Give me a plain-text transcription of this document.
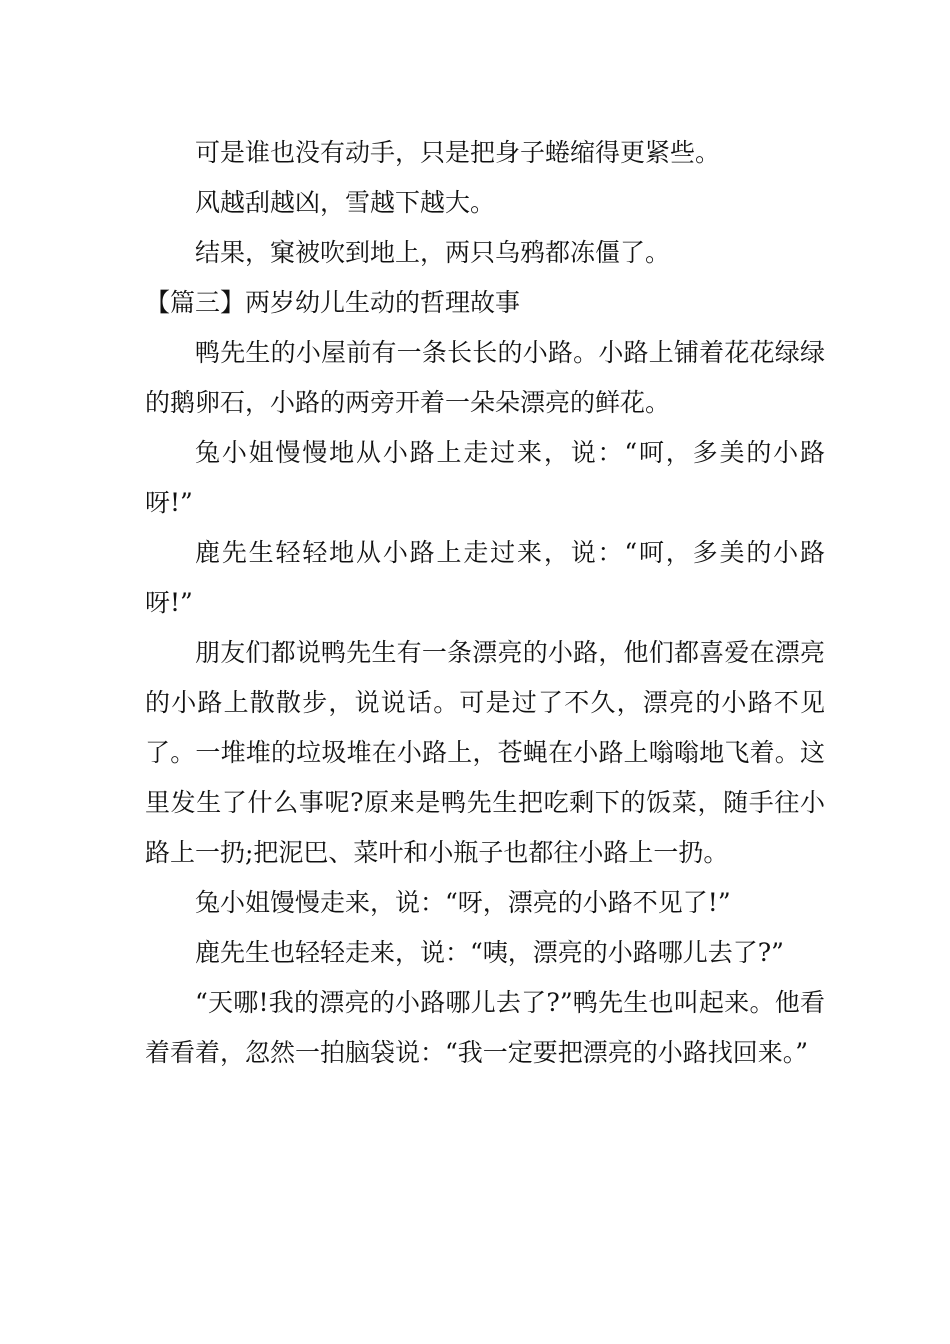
可是谁也没有动手，只是把身子蜷缩得更紧些。

风越刮越凶，雪越下越大。

结果，窠被吹到地上，两只乌鸦都冻僵了。

【篇三】两岁幼儿生动的哲理故事

鸭先生的小屋前有一条长长的小路。小路上铺着花花绿绿的鹅卵石，小路的两旁开着一朵朵漂亮的鲜花。

兔小姐慢慢地从小路上走过来，说：“呵，多美的小路呀!”

鹿先生轻轻地从小路上走过来，说：“呵，多美的小路呀!”

朋友们都说鸭先生有一条漂亮的小路，他们都喜爱在漂亮的小路上散散步，说说话。可是过了不久，漂亮的小路不见了。一堆堆的垃圾堆在小路上，苍蝇在小路上嗡嗡地飞着。这里发生了什么事呢?原来是鸭先生把吃剩下的饭菜，随手往小路上一扔;把泥巴、菜叶和小瓶子也都往小路上一扔。

兔小姐馒慢走来，说：“呀，漂亮的小路不见了!”

鹿先生也轻轻走来，说：“咦，漂亮的小路哪儿去了?”

“天哪!我的漂亮的小路哪儿去了?”鸭先生也叫起来。他看着看着，忽然一拍脑袋说：“我一定要把漂亮的小路找回来。”
